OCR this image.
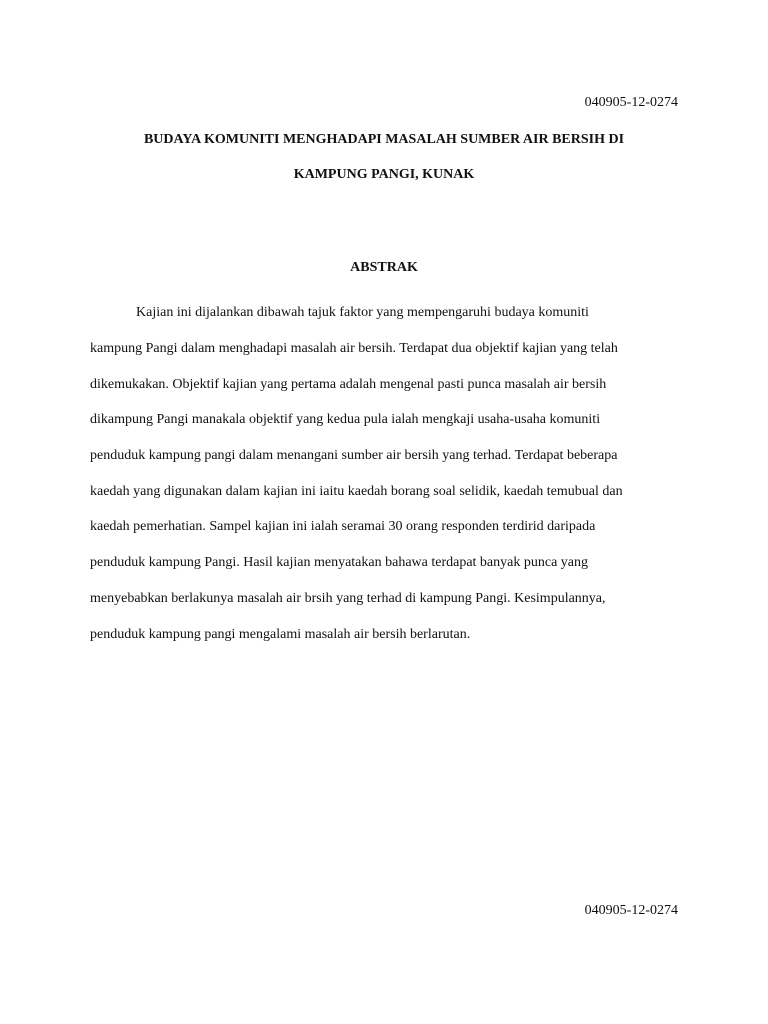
040905-12-0274
BUDAYA KOMUNITI MENGHADAPI MASALAH SUMBER AIR BERSIH DI
KAMPUNG PANGI, KUNAK
ABSTRAK
Kajian ini dijalankan dibawah tajuk faktor yang mempengaruhi budaya komuniti
kampung Pangi dalam menghadapi masalah air bersih. Terdapat dua objektif kajian yang telah
dikemukakan. Objektif kajian yang pertama adalah mengenal pasti punca masalah air bersih
dikampung Pangi manakala objektif yang kedua pula ialah mengkaji usaha-usaha komuniti
penduduk kampung pangi dalam menangani sumber air bersih yang terhad. Terdapat beberapa
kaedah yang digunakan dalam kajian ini iaitu kaedah borang soal selidik, kaedah temubual dan
kaedah pemerhatian. Sampel kajian ini ialah seramai 30 orang responden terdirid daripada
penduduk kampung Pangi. Hasil kajian menyatakan bahawa terdapat banyak punca yang
menyebabkan berlakunya masalah air brsih yang terhad di kampung Pangi. Kesimpulannya,
penduduk kampung pangi mengalami masalah air bersih berlarutan.
040905-12-0274
